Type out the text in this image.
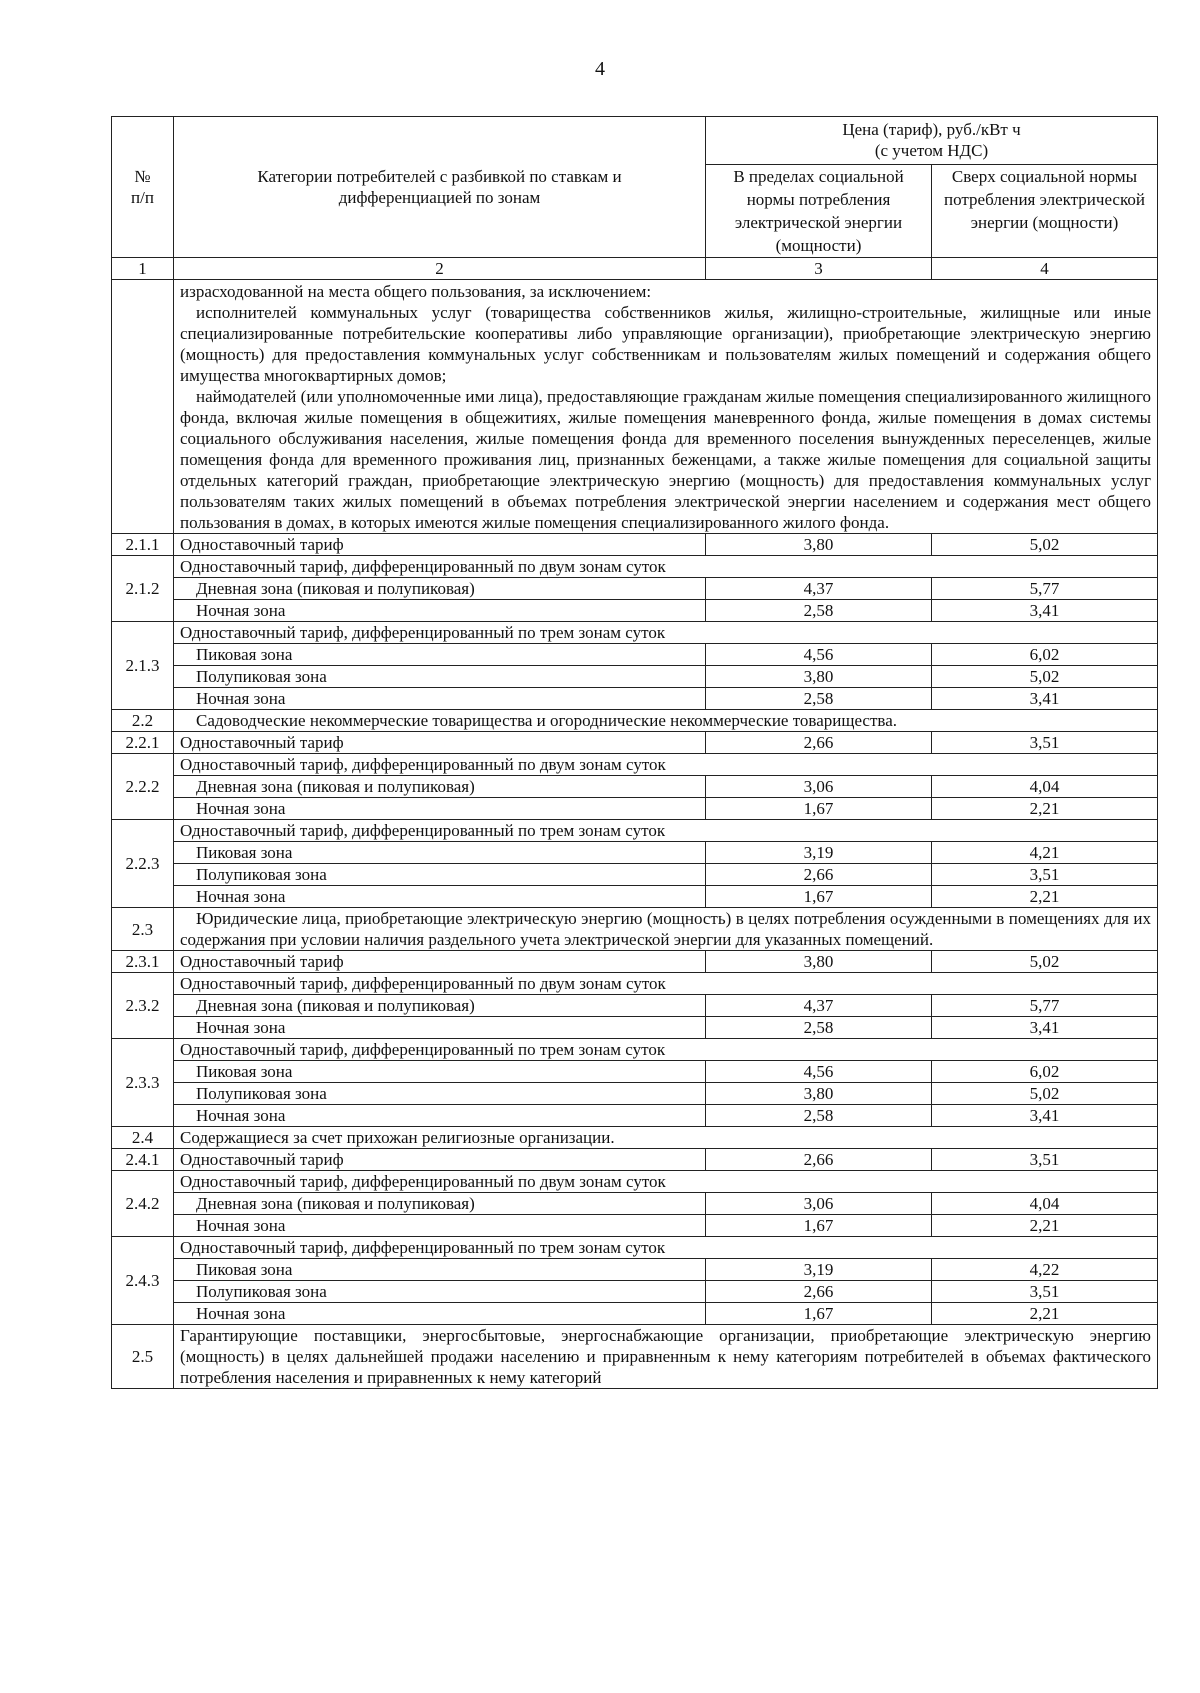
4
№
п/п	Категории потребителей с разбивкой по ставкам и дифференциацией по зонам	Цена (тариф), руб./кВт ч
(с учетом НДС)	
		В пределах социальной нормы потребления электрической энергии (мощности)	Сверх социальной нормы потребления электрической энергии (мощности)
1	2	3	4

	израсходованной на места общего пользования, за исключением:

исполнителей коммунальных услуг (товарищества собственников жилья, жилищно-строительные, жилищные или иные специализированные потребительские кооперативы либо управляющие организации), приобретающие электрическую энергию (мощность) для предоставления коммунальных услуг собственникам и пользователям жилых помещений и содержания общего имущества многоквартирных домов;

наймодателей (или уполномоченные ими лица), предоставляющие гражданам жилые помещения специализированного жилищного фонда, включая жилые помещения в общежитиях, жилые помещения маневренного фонда, жилые помещения в домах системы социального обслуживания населения, жилые помещения фонда для временного поселения вынужденных переселенцев, жилые помещения фонда для временного проживания лиц, признанных беженцами, а также жилые помещения для социальной защиты отдельных категорий граждан, приобретающие электрическую энергию (мощность) для предоставления коммунальных услуг пользователям таких жилых помещений в объемах потребления электрической энергии населением и содержания мест общего пользования в домах, в которых имеются жилые помещения специализированного жилого фонда.		

2.1.1	Одноставочный тариф	3,80	5,02
2.1.2	Одноставочный тариф, дифференцированный по двум зонам суток		
	Дневная зона (пиковая и полупиковая)	4,37	5,77
	Ночная зона	2,58	3,41
2.1.3	Одноставочный тариф, дифференцированный по трем зонам суток		
	Пиковая зона	4,56	6,02
	Полупиковая зона	3,80	5,02
	Ночная зона	2,58	3,41
2.2	Садоводческие некоммерческие товарищества и огороднические некоммерческие товарищества.		
2.2.1	Одноставочный тариф	2,66	3,51
2.2.2	Одноставочный тариф, дифференцированный по двум зонам суток		
	Дневная зона (пиковая и полупиковая)	3,06	4,04
	Ночная зона	1,67	2,21
2.2.3	Одноставочный тариф, дифференцированный по трем зонам суток		
	Пиковая зона	3,19	4,21
	Полупиковая зона	2,66	3,51
	Ночная зона	1,67	2,21
2.3	Юридические лица, приобретающие электрическую энергию (мощность) в целях потребления осужденными в помещениях для их содержания при условии наличия раздельного учета электрической энергии для указанных помещений.		
2.3.1	Одноставочный тариф	3,80	5,02
2.3.2	Одноставочный тариф, дифференцированный по двум зонам суток		
	Дневная зона (пиковая и полупиковая)	4,37	5,77
	Ночная зона	2,58	3,41
2.3.3	Одноставочный тариф, дифференцированный по трем зонам суток		
	Пиковая зона	4,56	6,02
	Полупиковая зона	3,80	5,02
	Ночная зона	2,58	3,41
2.4	Содержащиеся за счет прихожан религиозные организации.		
2.4.1	Одноставочный тариф	2,66	3,51
2.4.2	Одноставочный тариф, дифференцированный по двум зонам суток		
	Дневная зона (пиковая и полупиковая)	3,06	4,04
	Ночная зона	1,67	2,21
2.4.3	Одноставочный тариф, дифференцированный по трем зонам суток		
	Пиковая зона	3,19	4,22
	Полупиковая зона	2,66	3,51
	Ночная зона	1,67	2,21
2.5	Гарантирующие поставщики, энергосбытовые, энергоснабжающие организации, приобретающие электрическую энергию (мощность) в целях дальнейшей продажи населению и приравненным к нему категориям потребителей в объемах фактического потребления населения и приравненных к нему категорий		
